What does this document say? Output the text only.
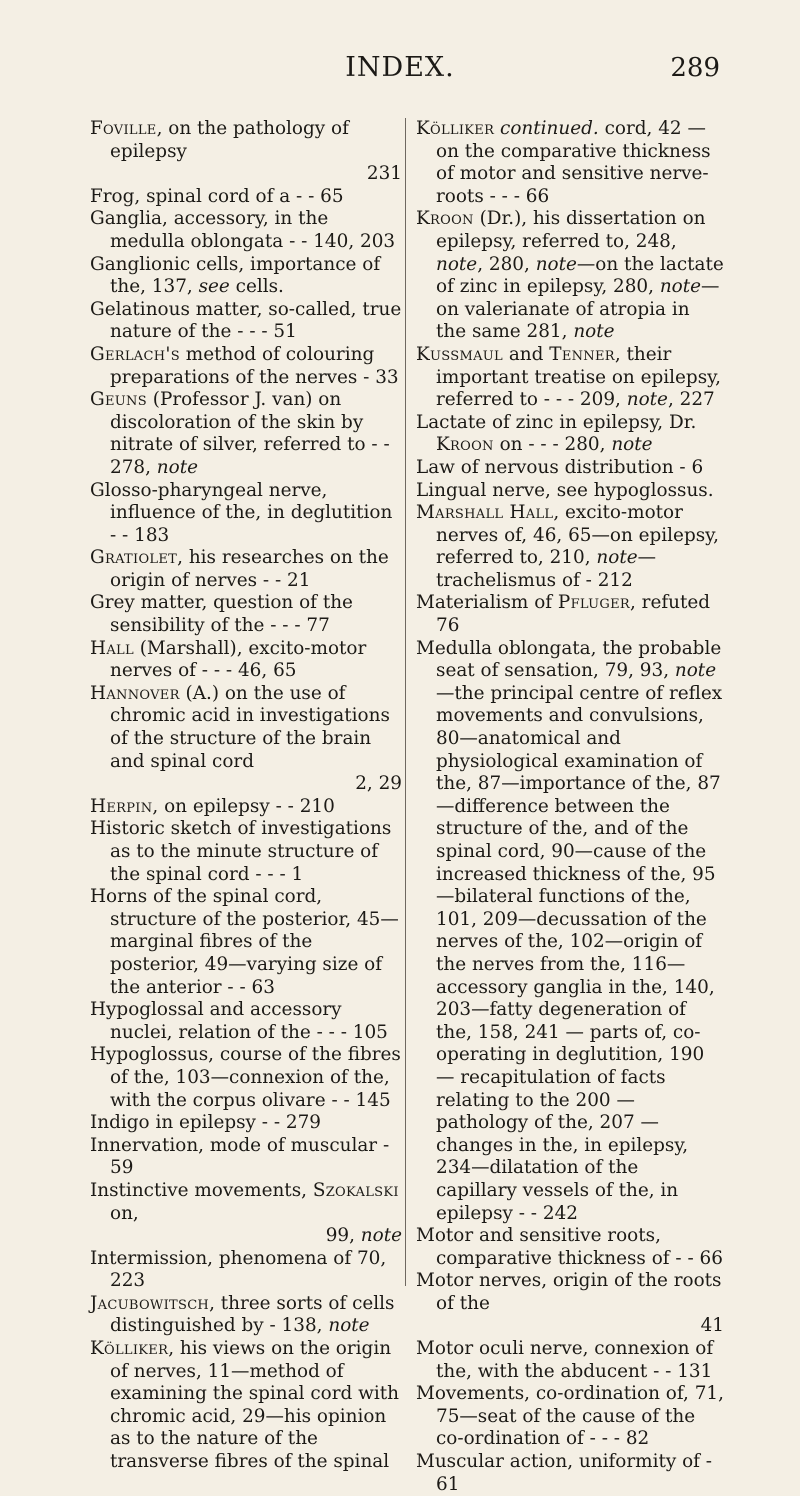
INDEX.	289

Foville, on the pathology of epilepsy

231

Frog, spinal cord of a - - 65

Ganglia, accessory, in the medulla oblongata - - 140, 203

Ganglionic cells, importance of the, 137, see cells.

Gelatinous matter, so-called, true nature of the - - - 51

Gerlach's method of colouring preparations of the nerves - 33

Geuns (Professor J. van) on discoloration of the skin by nitrate of silver, referred to - - 278, note

Glosso-pharyngeal nerve, influence of the, in deglutition - - 183

Gratiolet, his researches on the origin of nerves - - 21

Grey matter, question of the sensibility of the - - - 77

Hall (Marshall), excito-motor nerves of - - - 46, 65

Hannover (A.) on the use of chromic acid in investigations of the structure of the brain and spinal cord

2, 29

Herpin, on epilepsy - - 210

Historic sketch of investigations as to the minute structure of the spinal cord - - - 1

Horns of the spinal cord, structure of the posterior, 45—marginal fibres of the posterior, 49—varying size of the anterior - - 63

Hypoglossal and accessory nuclei, relation of the - - - 105

Hypoglossus, course of the fibres of the, 103—connexion of the, with the corpus olivare - - 145

Indigo in epilepsy - - 279

Innervation, mode of muscular - 59

Instinctive movements, Szokalski on,

99, note

Intermission, phenomena of 70, 223

Jacubowitsch, three sorts of cells distinguished by - 138, note

Kölliker, his views on the origin of nerves, 11—method of examining the spinal cord with chromic acid, 29—his opinion as to the nature of the transverse fibres of the spinal

Kölliker continued. cord, 42 — on the comparative thickness of motor and sensitive nerve-roots - - - 66

Kroon (Dr.), his dissertation on epilepsy, referred to, 248, note, 280, note—on the lactate of zinc in epilepsy, 280, note—on valerianate of atropia in the same 281, note

Kussmaul and Tenner, their important treatise on epilepsy, referred to - - - 209, note, 227

Lactate of zinc in epilepsy, Dr. Kroon on - - - 280, note

Law of nervous distribution - 6

Lingual nerve, see hypoglossus.

Marshall Hall, excito-motor nerves of, 46, 65—on epilepsy, referred to, 210, note—trachelismus of - 212

Materialism of Pfluger, refuted 76

Medulla oblongata, the probable seat of sensation, 79, 93, note—the principal centre of reflex movements and convulsions, 80—anatomical and physiological examination of the, 87—importance of the, 87—difference between the structure of the, and of the spinal cord, 90—cause of the increased thickness of the, 95—bilateral functions of the, 101, 209—decussation of the nerves of the, 102—origin of the nerves from the, 116—accessory ganglia in the, 140, 203—fatty degeneration of the, 158, 241 — parts of, co-operating in deglutition, 190 — recapitulation of facts relating to the 200 — pathology of the, 207 — changes in the, in epilepsy, 234—dilatation of the capillary vessels of the, in epilepsy - - 242

Motor and sensitive roots, comparative thickness of - - 66

Motor nerves, origin of the roots of the

41

Motor oculi nerve, connexion of the, with the abducent - - 131

Movements, co-ordination of, 71, 75—seat of the cause of the co-ordination of - - - 82

Muscular action, uniformity of - 61
